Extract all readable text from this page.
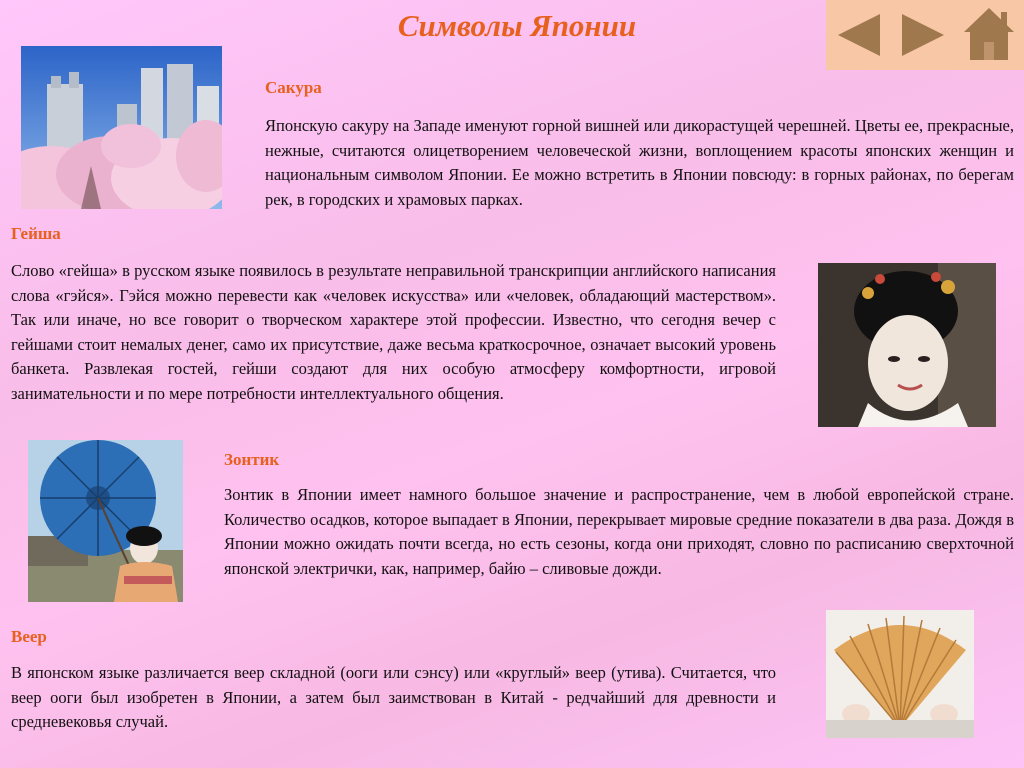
Символы Японии
Сакура

Японскую сакуру на Западе именуют горной вишней или дикорастущей черешней. Цветы ее, прекрасные, нежные, считаются олицетворением человеческой жизни, воплощением красоты японских женщин и национальным символом Японии. Ее можно встретить в Японии повсюду: в горных районах, по берегам рек, в городских и храмовых парках.

Гейша

Слово «гейша» в русском языке появилось в результате неправильной транскрипции английского написания слова «гэйся». Гэйся можно перевести как «человек искусства» или «человек, обладающий мастерством». Так или иначе, но все говорит о творческом характере этой профессии. Известно, что сегодня вечер с гейшами стоит немалых денег, само их присутствие, даже весьма краткосрочное, означает высокий уровень банкета. Развлекая гостей, гейши создают для них особую атмосферу комфортности, игровой занимательности и по мере потребности интеллектуального общения.

Зонтик

Зонтик в Японии имеет намного большое значение и распространение, чем в любой европейской стране. Количество осадков, которое выпадает в Японии, перекрывает мировые средние показатели в два раза. Дождя в Японии можно ожидать почти всегда, но есть сезоны, когда они приходят, словно по расписанию сверхточной японской электрички, как, например, байю – сливовые дожди.

Веер

В японском языке различается веер складной (ооги или сэнсу) или «круглый» веер (утива). Считается, что веер ооги был изобретен в Японии, а затем был заимствован в Китай - редчайший для древности и средневековья случай.
